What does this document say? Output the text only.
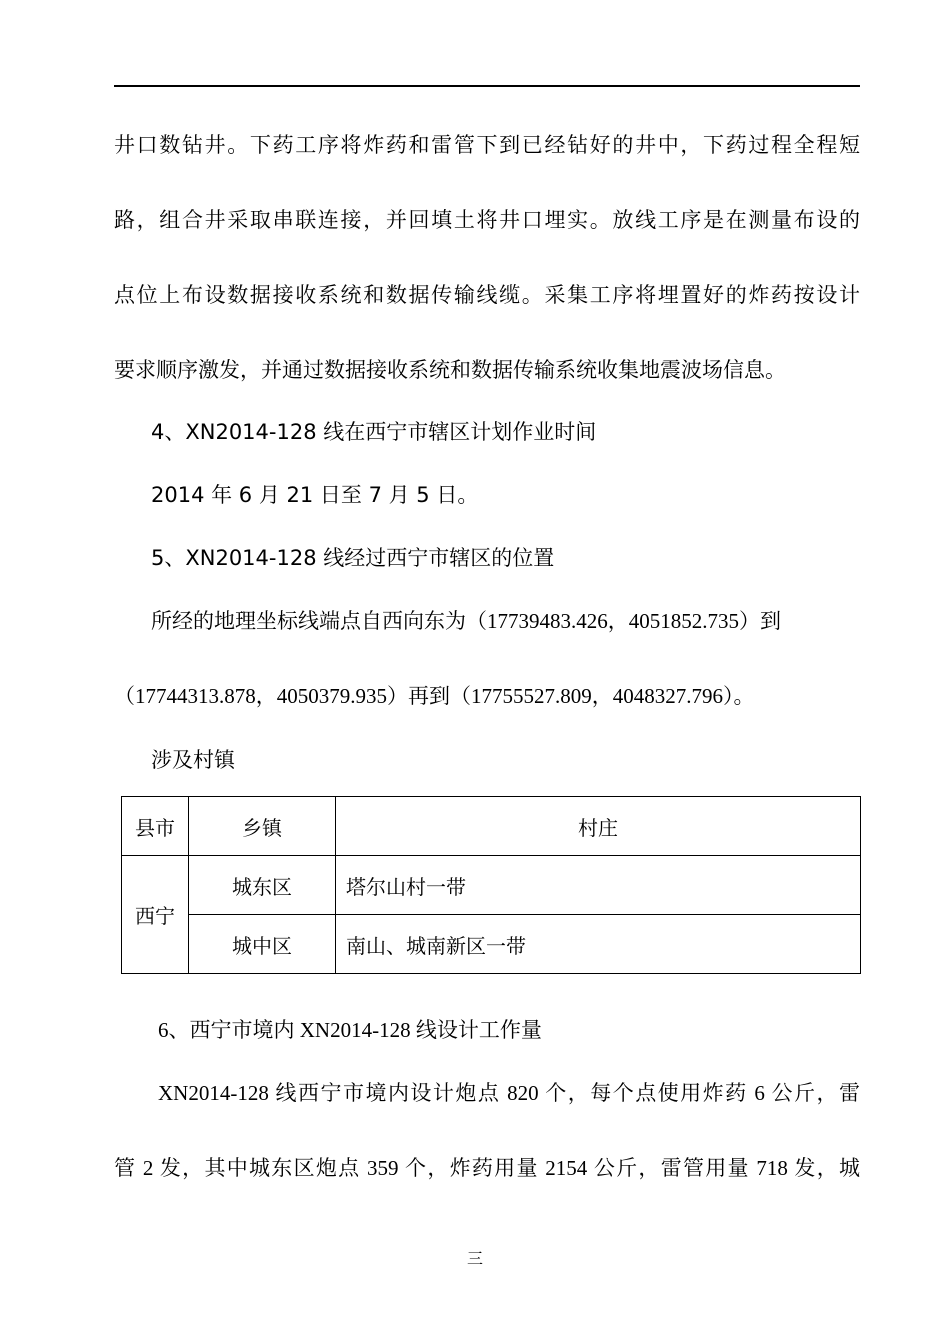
井口数钻井。下药工序将炸药和雷管下到已经钻好的井中，下药过程全程短
路，组合井采取串联连接，并回填土将井口埋实。放线工序是在测量布设的
点位上布设数据接收系统和数据传输线缆。采集工序将埋置好的炸药按设计
要求顺序激发，并通过数据接收系统和数据传输系统收集地震波场信息。
4、XN2014-128 线在西宁市辖区计划作业时间
2014 年 6 月 21 日至 7 月 5 日。
5、XN2014-128 线经过西宁市辖区的位置
所经的地理坐标线端点自西向东为（17739483.426，4051852.735）到
（17744313.878，4050379.935）再到（17755527.809，4048327.796）。
涉及村镇
县市	乡镇	村庄
西宁	城东区	塔尔山村一带
	城中区	南山、城南新区一带
6、西宁市境内 XN2014-128 线设计工作量
XN2014-128 线西宁市境内设计炮点 820 个，每个点使用炸药 6 公斤，雷
管 2 发，其中城东区炮点 359 个，炸药用量 2154 公斤，雷管用量 718 发，城
三
